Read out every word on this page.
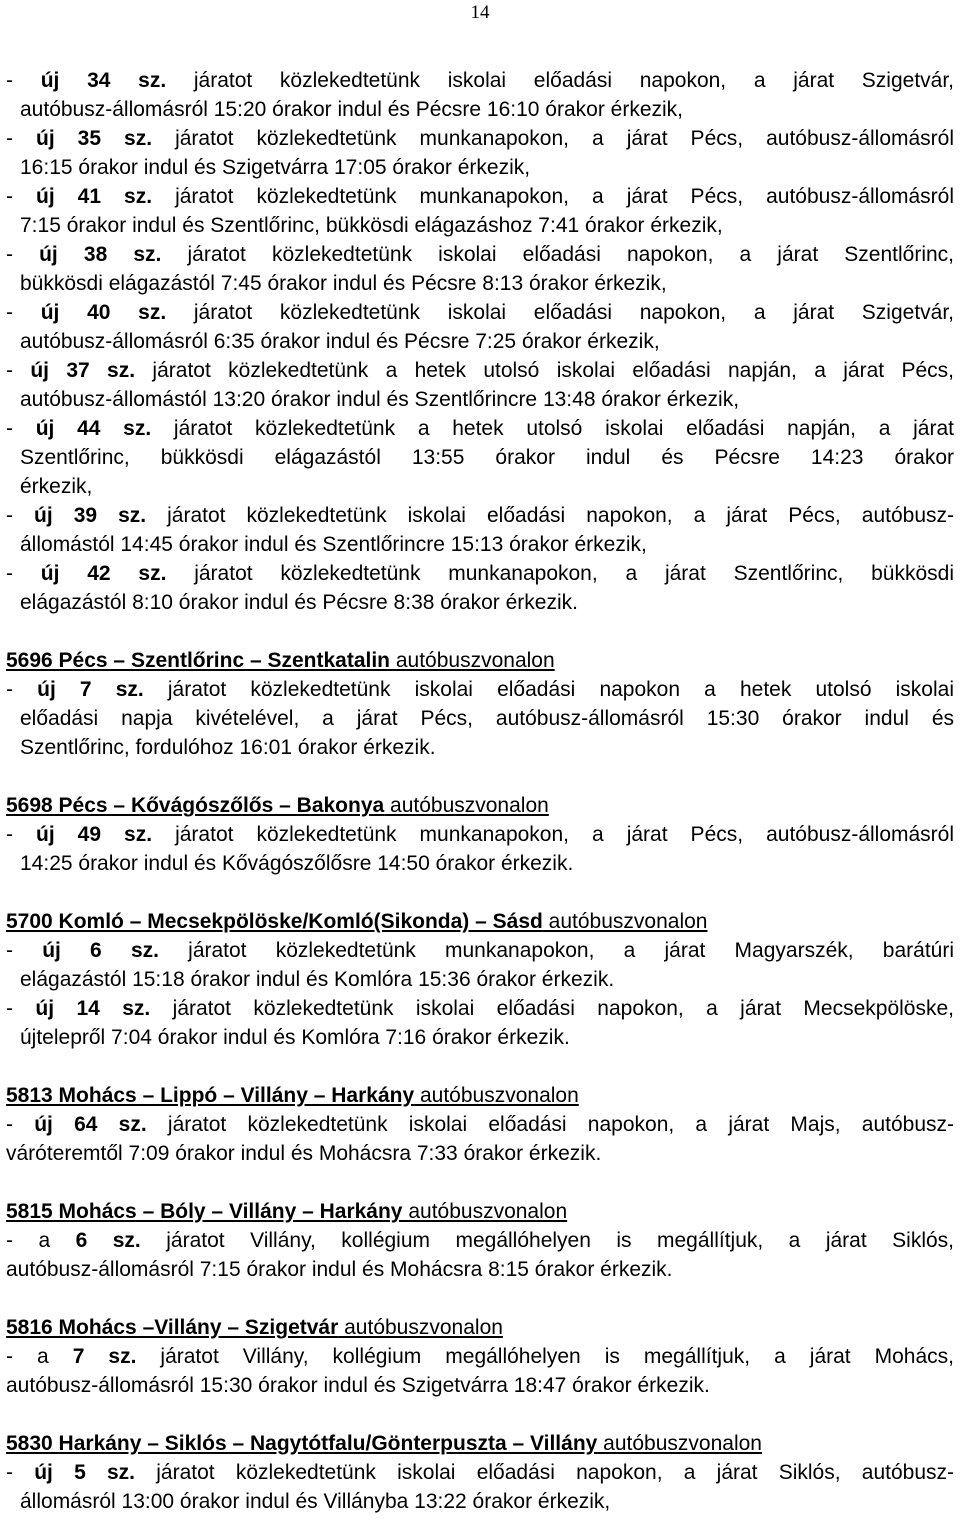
14
- új 34 sz. járatot közlekedtetünk iskolai előadási napokon, a járat Szigetvár,
autóbusz-állomásról 15:20 órakor indul és Pécsre 16:10 órakor érkezik,
- új 35 sz. járatot közlekedtetünk munkanapokon, a járat Pécs, autóbusz-állomásról
16:15 órakor indul és Szigetvárra 17:05 órakor érkezik,
- új 41 sz. járatot közlekedtetünk munkanapokon, a járat Pécs, autóbusz-állomásról
7:15 órakor indul és Szentlőrinc, bükkösdi elágazáshoz 7:41 órakor érkezik,
- új 38 sz. járatot közlekedtetünk iskolai előadási napokon, a járat Szentlőrinc,
bükkösdi elágazástól 7:45 órakor indul és Pécsre 8:13 órakor érkezik,
- új 40 sz. járatot közlekedtetünk iskolai előadási napokon, a járat Szigetvár,
autóbusz-állomásról 6:35 órakor indul és Pécsre 7:25 órakor érkezik,
- új 37 sz. járatot közlekedtetünk a hetek utolsó iskolai előadási napján, a járat Pécs,
autóbusz-állomástól 13:20 órakor indul és Szentlőrincre 13:48 órakor érkezik,
- új 44 sz. járatot közlekedtetünk a hetek utolsó iskolai előadási napján, a járat
Szentlőrinc, bükkösdi elágazástól 13:55 órakor indul és Pécsre 14:23 órakor
érkezik,
- új 39 sz. járatot közlekedtetünk iskolai előadási napokon, a járat Pécs, autóbusz-
állomástól 14:45 órakor indul és Szentlőrincre 15:13 órakor érkezik,
- új 42 sz. járatot közlekedtetünk munkanapokon, a járat Szentlőrinc, bükkösdi
elágazástól 8:10 órakor indul és Pécsre 8:38 órakor érkezik.
5696 Pécs – Szentlőrinc – Szentkatalin autóbuszvonalon
- új 7 sz. járatot közlekedtetünk iskolai előadási napokon a hetek utolsó iskolai
előadási napja kivételével, a járat Pécs, autóbusz-állomásról 15:30 órakor indul és
Szentlőrinc, fordulóhoz 16:01 órakor érkezik.
5698 Pécs – Kővágószőlős – Bakonya autóbuszvonalon
- új 49 sz. járatot közlekedtetünk munkanapokon, a járat Pécs, autóbusz-állomásról
14:25 órakor indul és Kővágószőlősre 14:50 órakor érkezik.
5700 Komló – Mecsekpölöske/Komló(Sikonda) – Sásd autóbuszvonalon
- új 6 sz. járatot közlekedtetünk munkanapokon, a járat Magyarszék, barátúri
elágazástól 15:18 órakor indul és Komlóra 15:36 órakor érkezik.
- új 14 sz. járatot közlekedtetünk iskolai előadási napokon, a járat Mecsekpölöske,
újtelepről 7:04 órakor indul és Komlóra 7:16 órakor érkezik.
5813 Mohács – Lippó – Villány – Harkány autóbuszvonalon
- új 64 sz. járatot közlekedtetünk iskolai előadási napokon, a járat Majs, autóbusz-
váróteremtől 7:09 órakor indul és Mohácsra 7:33 órakor érkezik.
5815 Mohács – Bóly – Villány – Harkány autóbuszvonalon
- a 6 sz. járatot Villány, kollégium megállóhelyen is megállítjuk, a járat Siklós,
autóbusz-állomásról 7:15 órakor indul és Mohácsra 8:15 órakor érkezik.
5816 Mohács –Villány – Szigetvár autóbuszvonalon
- a 7 sz. járatot Villány, kollégium megállóhelyen is megállítjuk, a járat Mohács,
autóbusz-állomásról 15:30 órakor indul és Szigetvárra 18:47 órakor érkezik.
5830 Harkány – Siklós – Nagytótfalu/Gönterpuszta – Villány autóbuszvonalon
- új 5 sz. járatot közlekedtetünk iskolai előadási napokon, a járat Siklós, autóbusz-
állomásról 13:00 órakor indul és Villányba 13:22 órakor érkezik,
